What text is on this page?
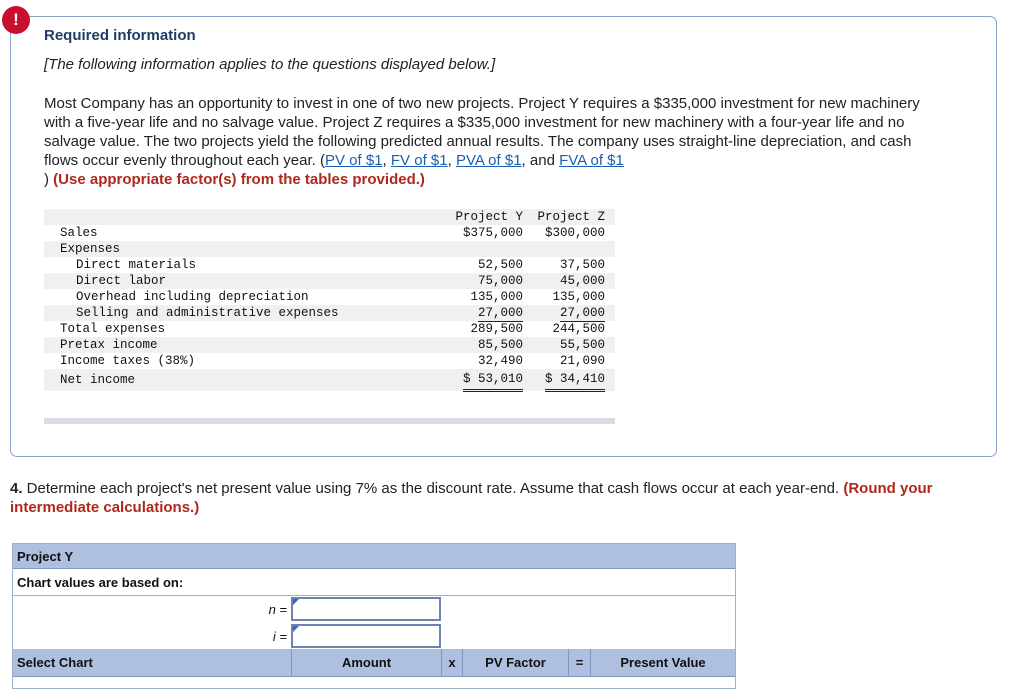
!
Required information
[The following information applies to the questions displayed below.]
Most Company has an opportunity to invest in one of two new projects. Project Y requires a $335,000 investment for new machinery with a five-year life and no salvage value. Project Z requires a $335,000 investment for new machinery with a four-year life and no salvage value. The two projects yield the following predicted annual results. The company uses straight-line depreciation, and cash flows occur evenly throughout each year. (PV of $1, FV of $1, PVA of $1, and FVA of $1
) (Use appropriate factor(s) from the tables provided.)
Project Y Project Z
Sales	$375,000 $300,000
Expenses
Direct materials	52,500	37,500
Direct labor	75,000	45,000
Overhead including depreciation	135,000 135,000
Selling and administrative expenses	27,000	27,000
Total expenses	289,500 244,500
Pretax income	85,500	55,500
Income taxes (38%)	32,490	21,090
Net income	$ 53,010 $ 34,410
4. Determine each project's net present value using 7% as the discount rate. Assume that cash flows occur at each year-end. (Round your intermediate calculations.)
Project Y
Chart values are based on:
n =
i =
Select Chart	Amount	x	PV Factor	=	Present Value
